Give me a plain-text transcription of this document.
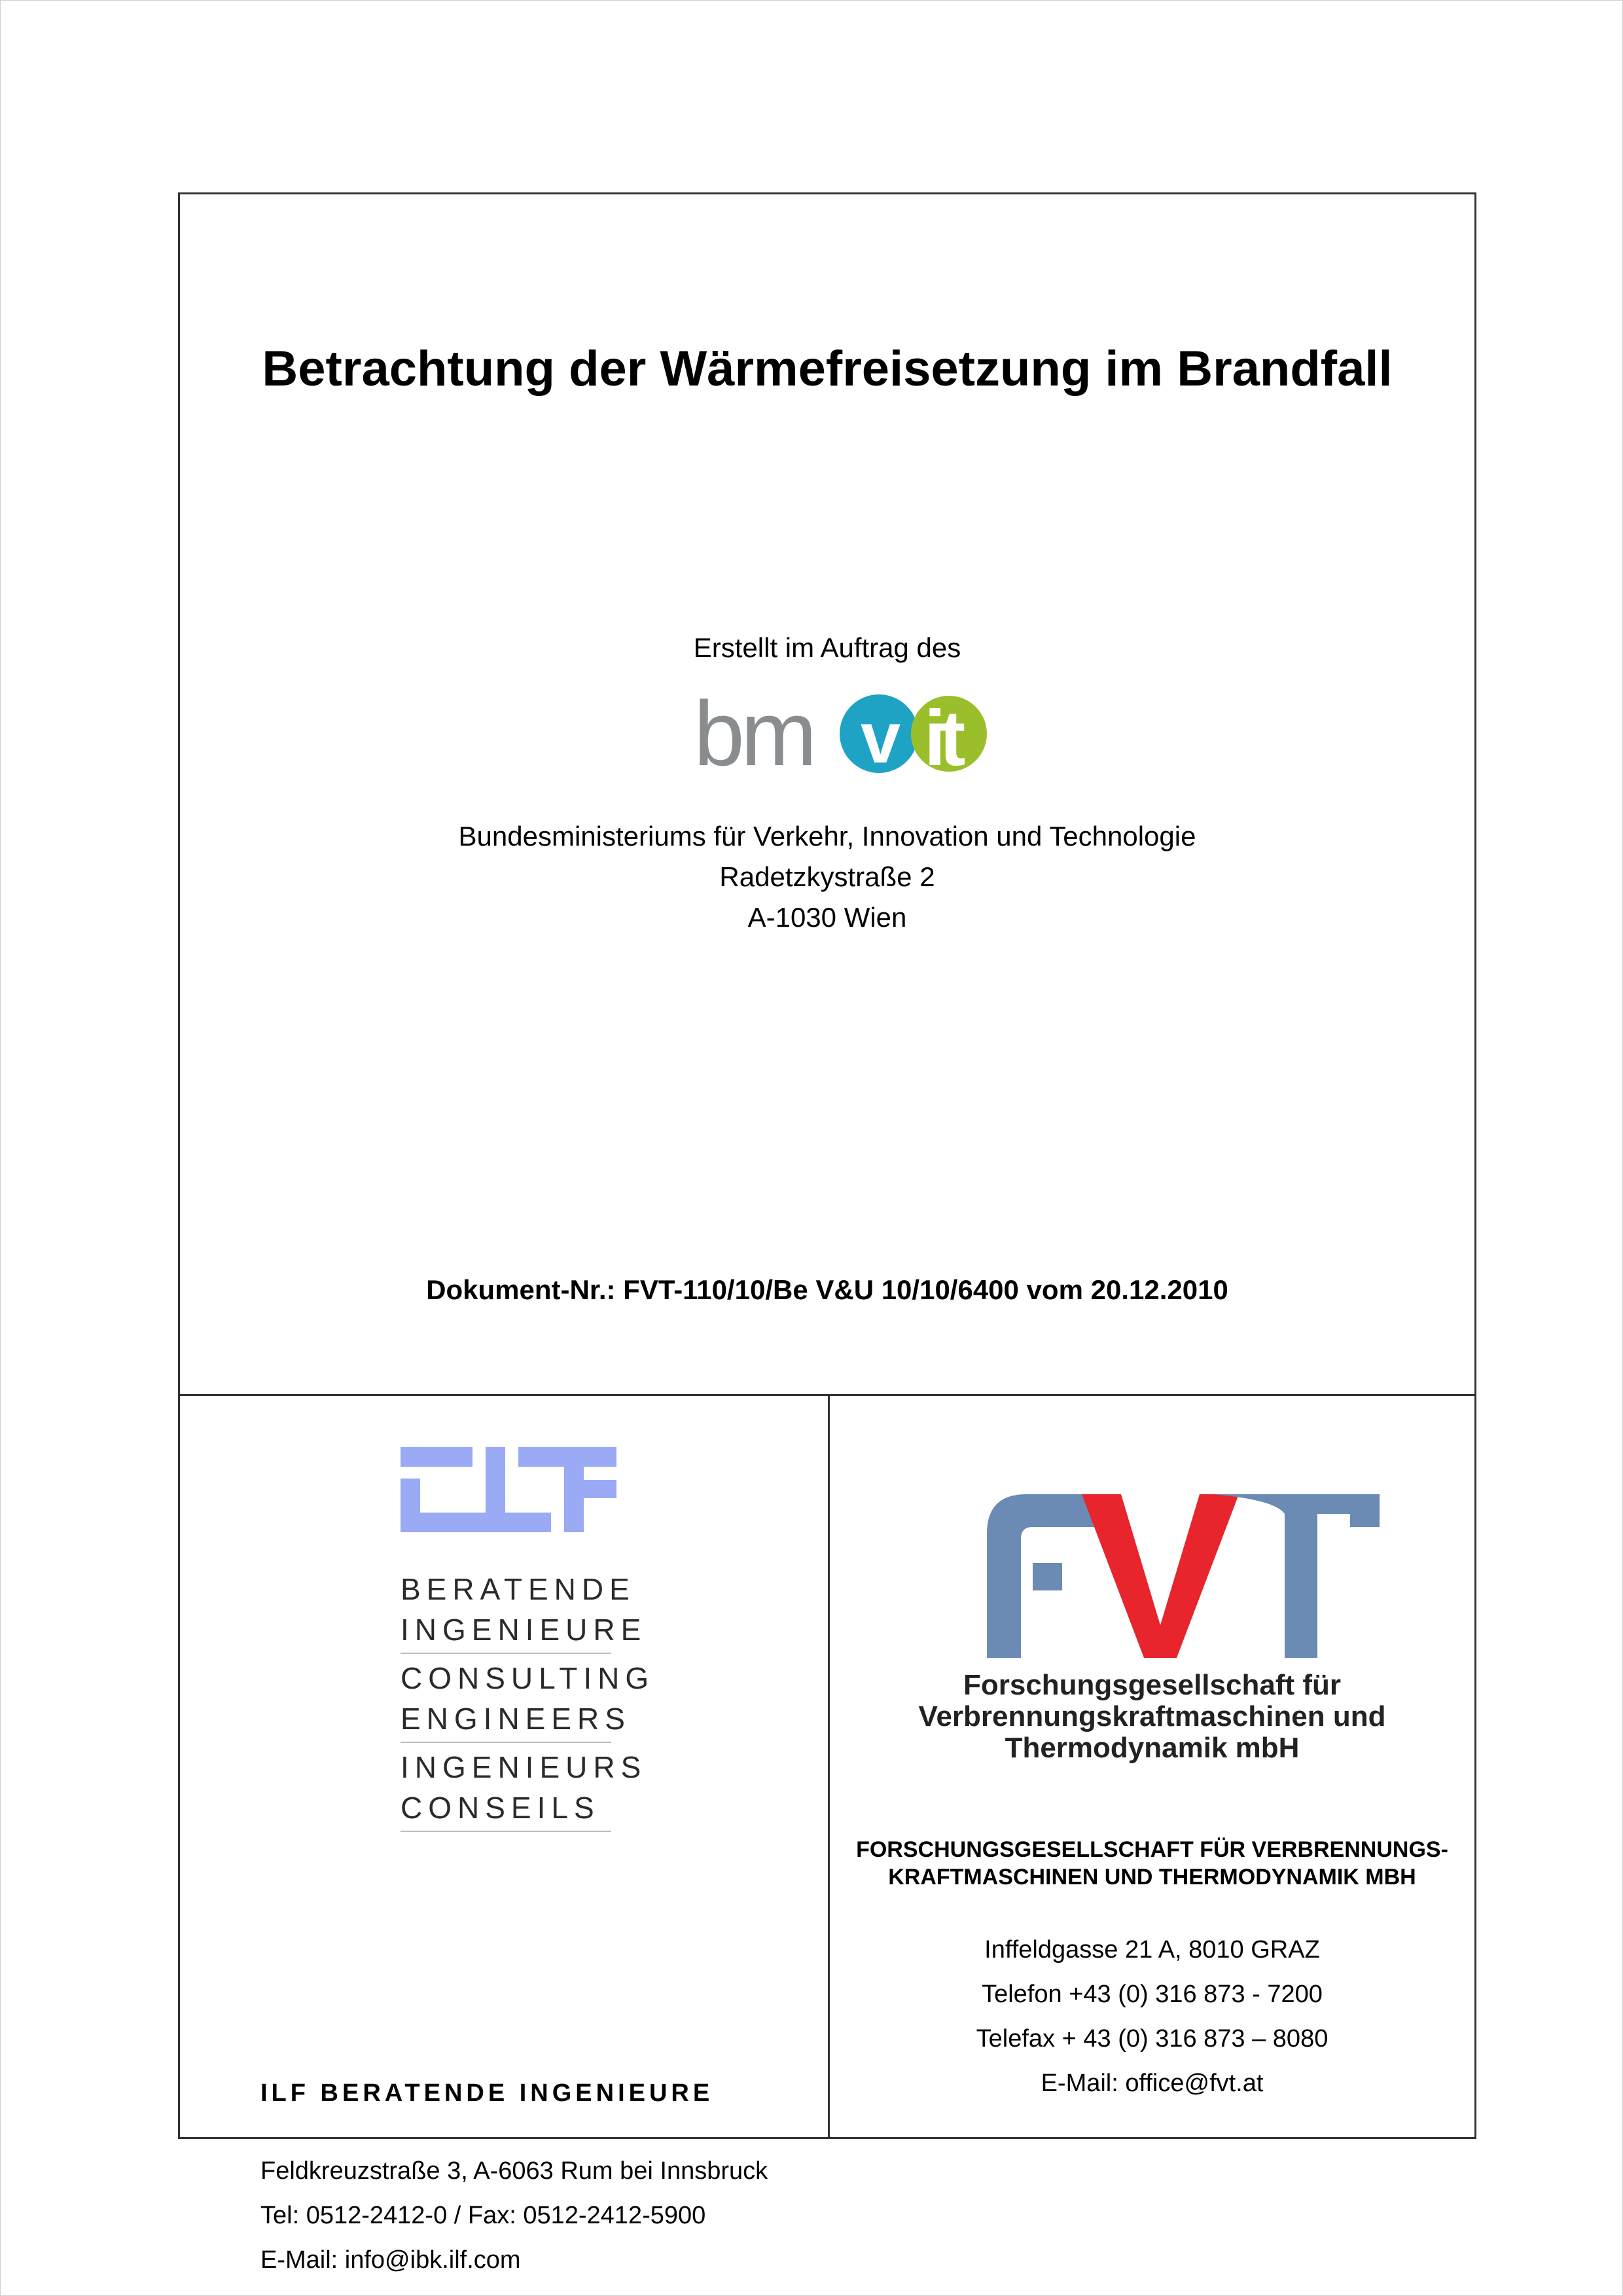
Betrachtung der Wärmefreisetzung im Brandfall
Erstellt im Auftrag des
bm v it
Bundesministeriums für Verkehr, Innovation und Technologie
Radetzkystraße 2
A-1030 Wien
Dokument-Nr.: FVT-110/10/Be V&U 10/10/6400 vom 20.12.2010
BERATENDE
INGENIEURE
CONSULTING
ENGINEERS
INGENIEURS
CONSEILS
ILF BERATENDE INGENIEURE
Feldkreuzstraße 3, A-6063 Rum bei Innsbruck
Tel: 0512-2412-0 / Fax: 0512-2412-5900
E-Mail: info@ibk.ilf.com
Forschungsgesellschaft für
Verbrennungskraftmaschinen und
Thermodynamik mbH
FORSCHUNGSGESELLSCHAFT FÜR VERBRENNUNGS-
KRAFTMASCHINEN UND THERMODYNAMIK MBH
Inffeldgasse 21 A, 8010 GRAZ
Telefon +43 (0) 316 873 - 7200
Telefax + 43 (0) 316 873 – 8080
E-Mail: office@fvt.at
